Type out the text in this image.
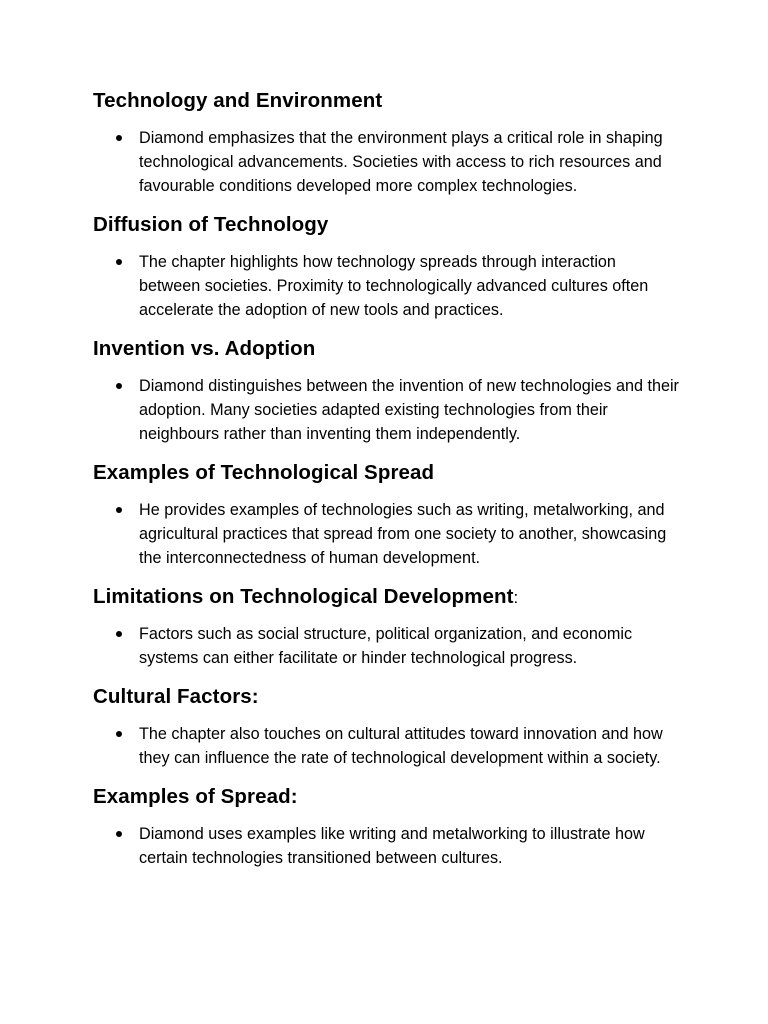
Technology and Environment
Diamond emphasizes that the environment plays a critical role in shaping technological advancements. Societies with access to rich resources and favourable conditions developed more complex technologies.
Diffusion of Technology
The chapter highlights how technology spreads through interaction between societies. Proximity to technologically advanced cultures often accelerate the adoption of new tools and practices.
Invention vs. Adoption
Diamond distinguishes between the invention of new technologies and their adoption. Many societies adapted existing technologies from their neighbours rather than inventing them independently.
Examples of Technological Spread
He provides examples of technologies such as writing, metalworking, and agricultural practices that spread from one society to another, showcasing the interconnectedness of human development.
Limitations on Technological Development:
Factors such as social structure, political organization, and economic systems can either facilitate or hinder technological progress.
Cultural Factors:
The chapter also touches on cultural attitudes toward innovation and how they can influence the rate of technological development within a society.
Examples of Spread:
Diamond uses examples like writing and metalworking to illustrate how certain technologies transitioned between cultures.
